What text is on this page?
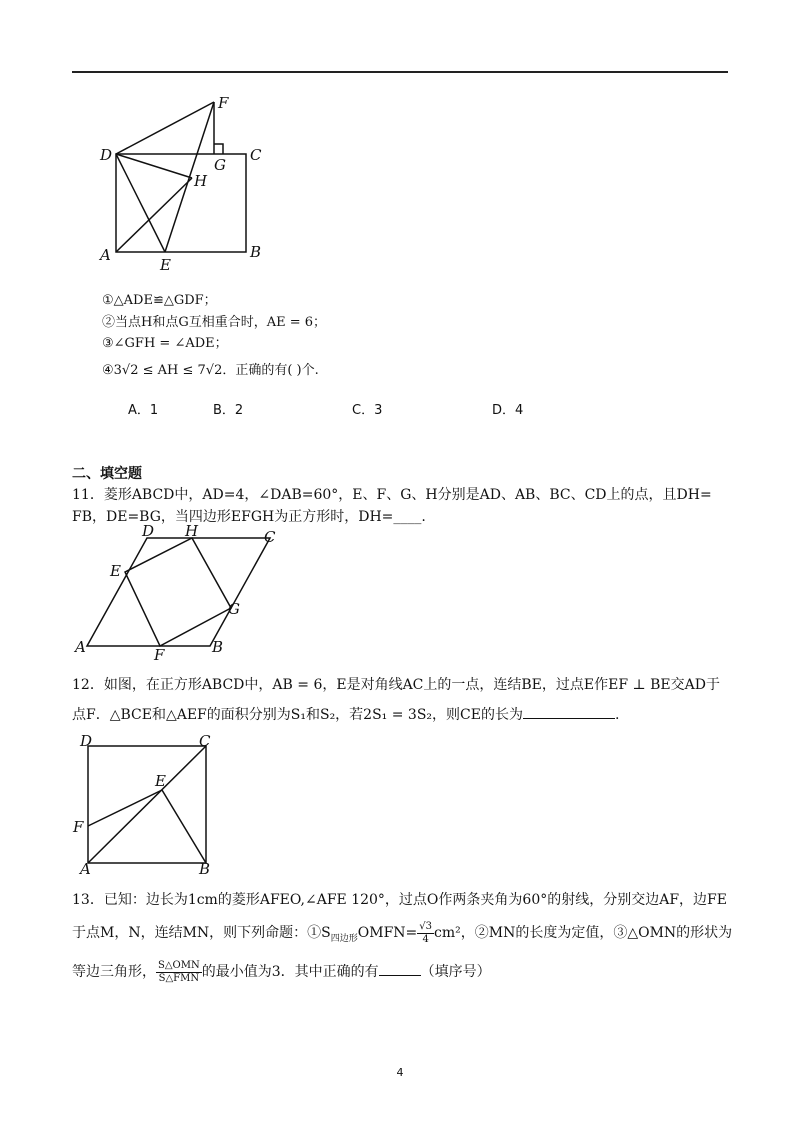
F
D
G
C
H
A
E
B
①△ADE≌△GDF；
②当点H和点G互相重合时，AE = 6；
③∠GFH = ∠ADE；
④3√2 ≤ AH ≤ 7√2．正确的有( )个.
A．1	B．2	C．3	D．4
二、填空题
11．菱形ABCD中，AD=4，∠DAB=60°，E、F、G、H分别是AD、AB、BC、CD上的点，且DH=
FB，DE=BG，当四边形EFGH为正方形时，DH=____.
D H	C
E
G
A	B
F
12．如图，在正方形ABCD中，AB = 6，E是对角线AC上的一点，连结BE，过点E作EF ⊥ BE交AD于
点F．△BCE和△AEF的面积分别为S₁和S₂，若2S₁ = 3S₂，则CE的长为	.
D	C
E
F
A	B
13．已知：边长为1cm的菱形AFEO,∠AFE 120°，过点O作两条夹角为60°的射线，分别交边AF，边FE
于点M，N，连结MN，则下列命题：$①S_{四边形}OMFN= \frac{√3}{4} cm^2$，②MN的长度为定值，③△OMN的形状为
等边三角形， S△OMN
S△FMN 的最小值为3．其中正确的有	（填序号）
4
